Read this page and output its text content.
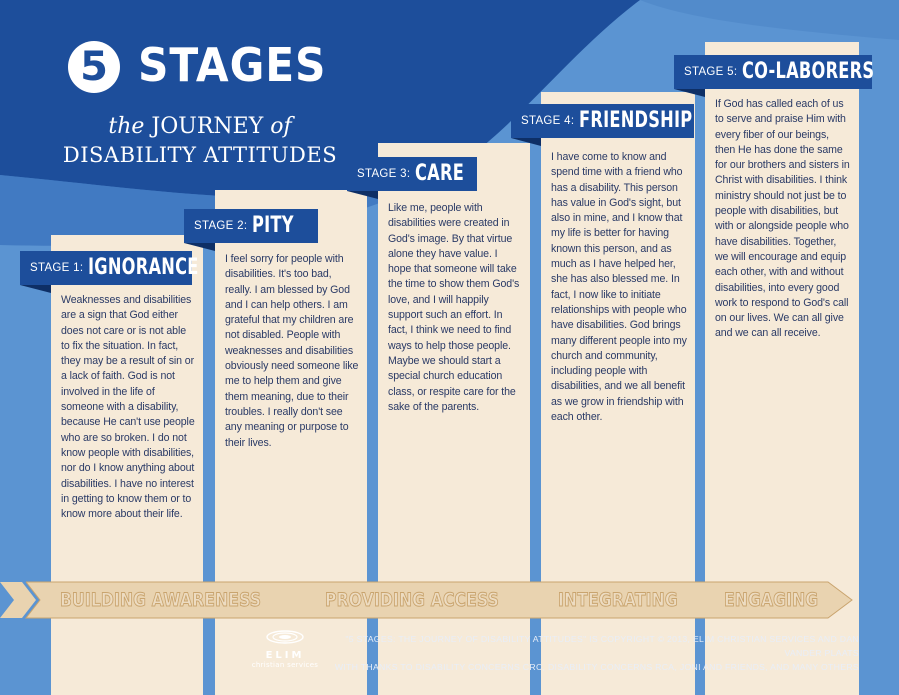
5 STAGES
the JOURNEY of
DISABILITY ATTITUDES
Weaknesses and disabilities are a sign that God either does not care or is not able to fix the situation. In fact, they may be a result of sin or a lack of faith. God is not involved in the life of someone with a disability, because He can't use people who are so broken. I do not know people with disabilities, nor do I know anything about disabilities. I have no interest in getting to know them or to know more about their life.
I feel sorry for people with disabilities. It's too bad, really. I am blessed by God and I can help others. I am grateful that my children are not disabled. People with weaknesses and disabilities obviously need someone like me to help them and give them meaning, due to their troubles. I really don't see any meaning or purpose to their lives.
Like me, people with disabilities were created in God's image. By that virtue alone they have value. I hope that someone will take the time to show them God's love, and I will happily support such an effort. In fact, I think we need to find ways to help those people. Maybe we should start a special church education class, or respite care for the sake of the parents.
I have come to know and spend time with a friend who has a disability. This person has value in God's sight, but also in mine, and I know that my life is better for having known this person, and as much as I have helped her, she has also blessed me. In fact, I now like to initiate relationships with people who have disabilities. God brings many different people into my church and community, including people with disabilities, and we all benefit as we grow in friendship with each other.
If God has called each of us to serve and praise Him with every fiber of our beings, then He has done the same for our brothers and sisters in Christ with disabilities. I think ministry should not just be to people with disabilities, but with or alongside people who have disabilities. Together, we will encourage and equip each other, with and without disabilities, into every good work to respond to God's call on our lives. We can all give and we can all receive.
STAGE 1: IGNORANCE
STAGE 2: PITY
STAGE 3: CARE
STAGE 4: FRIENDSHIP
STAGE 5: CO-LABORERS
BUILDING AWARENESS	PROVIDING ACCESS	INTEGRATING ENGAGING
ELIM
christian services
"5 STAGES: THE JOURNEY OF DISABILITY ATTITUDES" IS COPYRIGHT © 2013, ELIM CHRISTIAN SERVICES AND DAN VANDER PLAATS
WITH THANKS TO DISABILITY CONCERNS CRC, DISABILITY CONCERNS RCA, JONI AND FRIENDS, AND MANY OTHERS
